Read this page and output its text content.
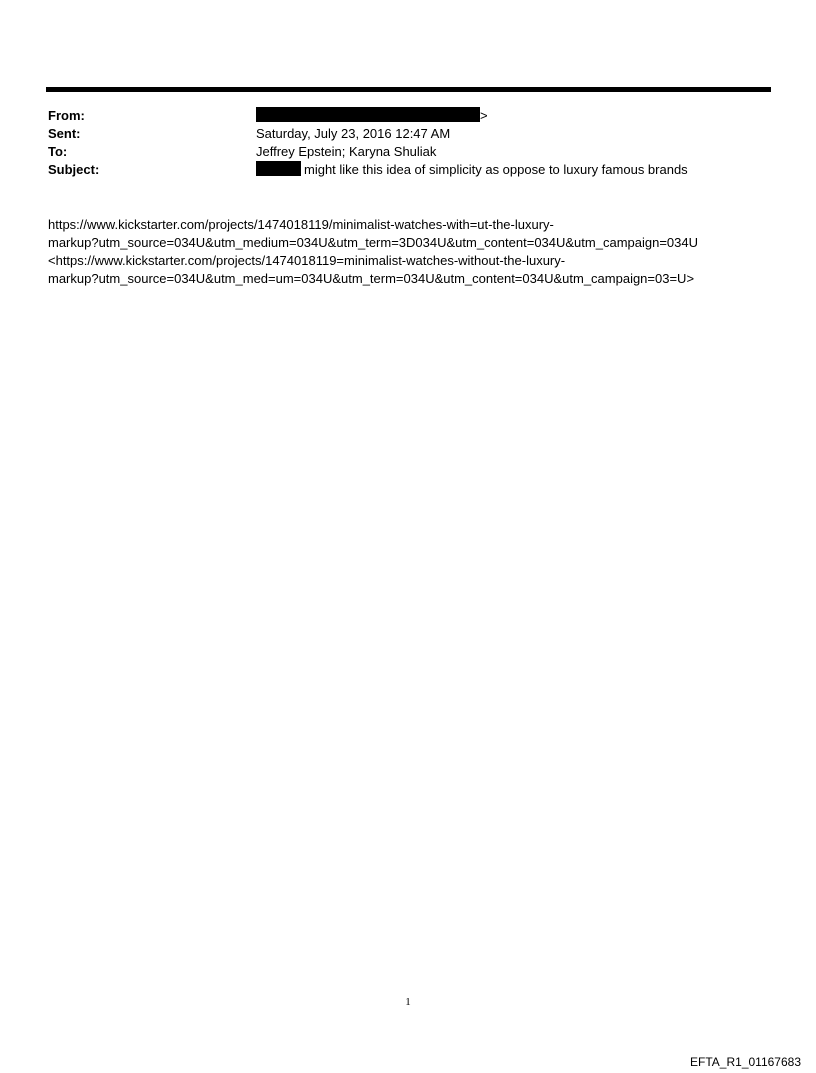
From:	>
Sent:	Saturday, July 23, 2016 12:47 AM
To:	Jeffrey Epstein; Karyna Shuliak
Subject:	might like this idea of simplicity as oppose to luxury famous brands
https://www.kickstarter.com/projects/1474018119/minimalist-watches-with=ut-the-luxury-
markup?utm_source=034U&utm_medium=034U&utm_term=3D034U&utm_content=034U&utm_campaign=034U
<https://www.kickstarter.com/projects/1474018119=minimalist-watches-without-the-luxury-
markup?utm_source=034U&utm_med=um=034U&utm_term=034U&utm_content=034U&utm_campaign=03=U>
1
EFTA_R1_01167683
